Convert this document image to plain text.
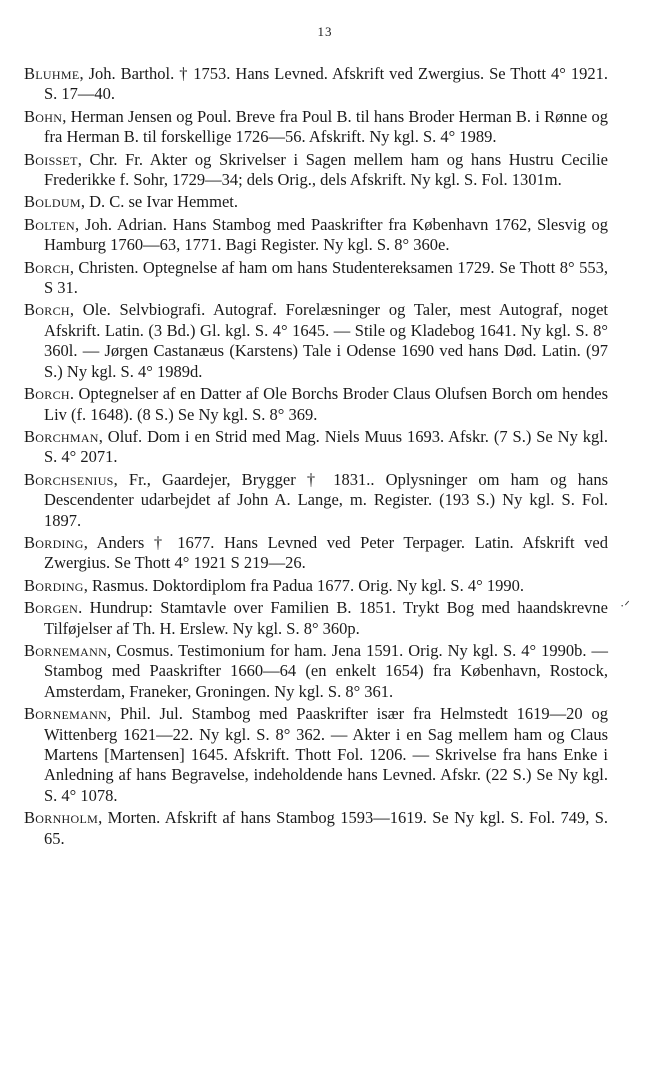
13

Bluhme, Joh. Barthol. † 1753. Hans Levned. Afskrift ved Zwergius. Se Thott 4° 1921. S. 17—40.

Bohn, Herman Jensen og Poul. Breve fra Poul B. til hans Broder Herman B. i Rønne og fra Herman B. til forskellige 1726—56. Afskrift. Ny kgl. S. 4° 1989.

Boisset, Chr. Fr. Akter og Skrivelser i Sagen mellem ham og hans Hustru Cecilie Frederikke f. Sohr, 1729—34; dels Orig., dels Afskrift. Ny kgl. S. Fol. 1301m.

Boldum, D. C. se Ivar Hemmet.

Bolten, Joh. Adrian. Hans Stambog med Paaskrifter fra København 1762, Slesvig og Hamburg 1760—63, 1771. Bagi Register. Ny kgl. S. 8° 360e.

Borch, Christen. Optegnelse af ham om hans Studentereksamen 1729. Se Thott 8° 553, S 31.

Borch, Ole. Selvbiografi. Autograf. Forelæsninger og Taler, mest Autograf, noget Afskrift. Latin. (3 Bd.) Gl. kgl. S. 4° 1645. — Stile og Kladebog 1641. Ny kgl. S. 8° 360l. — Jørgen Castanæus (Karstens) Tale i Odense 1690 ved hans Død. Latin. (97 S.) Ny kgl. S. 4° 1989d.

Borch. Optegnelser af en Datter af Ole Borchs Broder Claus Olufsen Borch om hendes Liv (f. 1648). (8 S.) Se Ny kgl. S. 8° 369.

Borchman, Oluf. Dom i en Strid med Mag. Niels Muus 1693. Afskr. (7 S.) Se Ny kgl. S. 4° 2071.

Borchsenius, Fr., Gaardejer, Brygger † 1831.. Oplysninger om ham og hans Descendenter udarbejdet af John A. Lange, m. Register. (193 S.) Ny kgl. S. Fol. 1897.

Bording, Anders † 1677. Hans Levned ved Peter Terpager. Latin. Afskrift ved Zwergius. Se Thott 4° 1921 S 219—26.

Bording, Rasmus. Doktordiplom fra Padua 1677. Orig. Ny kgl. S. 4° 1990.

Borgen. Hundrup: Stamtavle over Familien B. 1851. Trykt Bog med haandskrevne Tilføjelser af Th. H. Erslew. Ny kgl. S. 8° 360p.

Bornemann, Cosmus. Testimonium for ham. Jena 1591. Orig. Ny kgl. S. 4° 1990b. — Stambog med Paaskrifter 1660—64 (en enkelt 1654) fra København, Rostock, Amsterdam, Franeker, Groningen. Ny kgl. S. 8° 361.

Bornemann, Phil. Jul. Stambog med Paaskrifter især fra Helmstedt 1619—20 og Wittenberg 1621—22. Ny kgl. S. 8° 362. — Akter i en Sag mellem ham og Claus Martens [Martensen] 1645. Afskrift. Thott Fol. 1206. — Skrivelse fra hans Enke i Anledning af hans Begravelse, indeholdende hans Levned. Afskr. (22 S.) Se Ny kgl. S. 4° 1078.

Bornholm, Morten. Afskrift af hans Stambog 1593—1619. Se Ny kgl. S. Fol. 749, S. 65.

·ᐟ
